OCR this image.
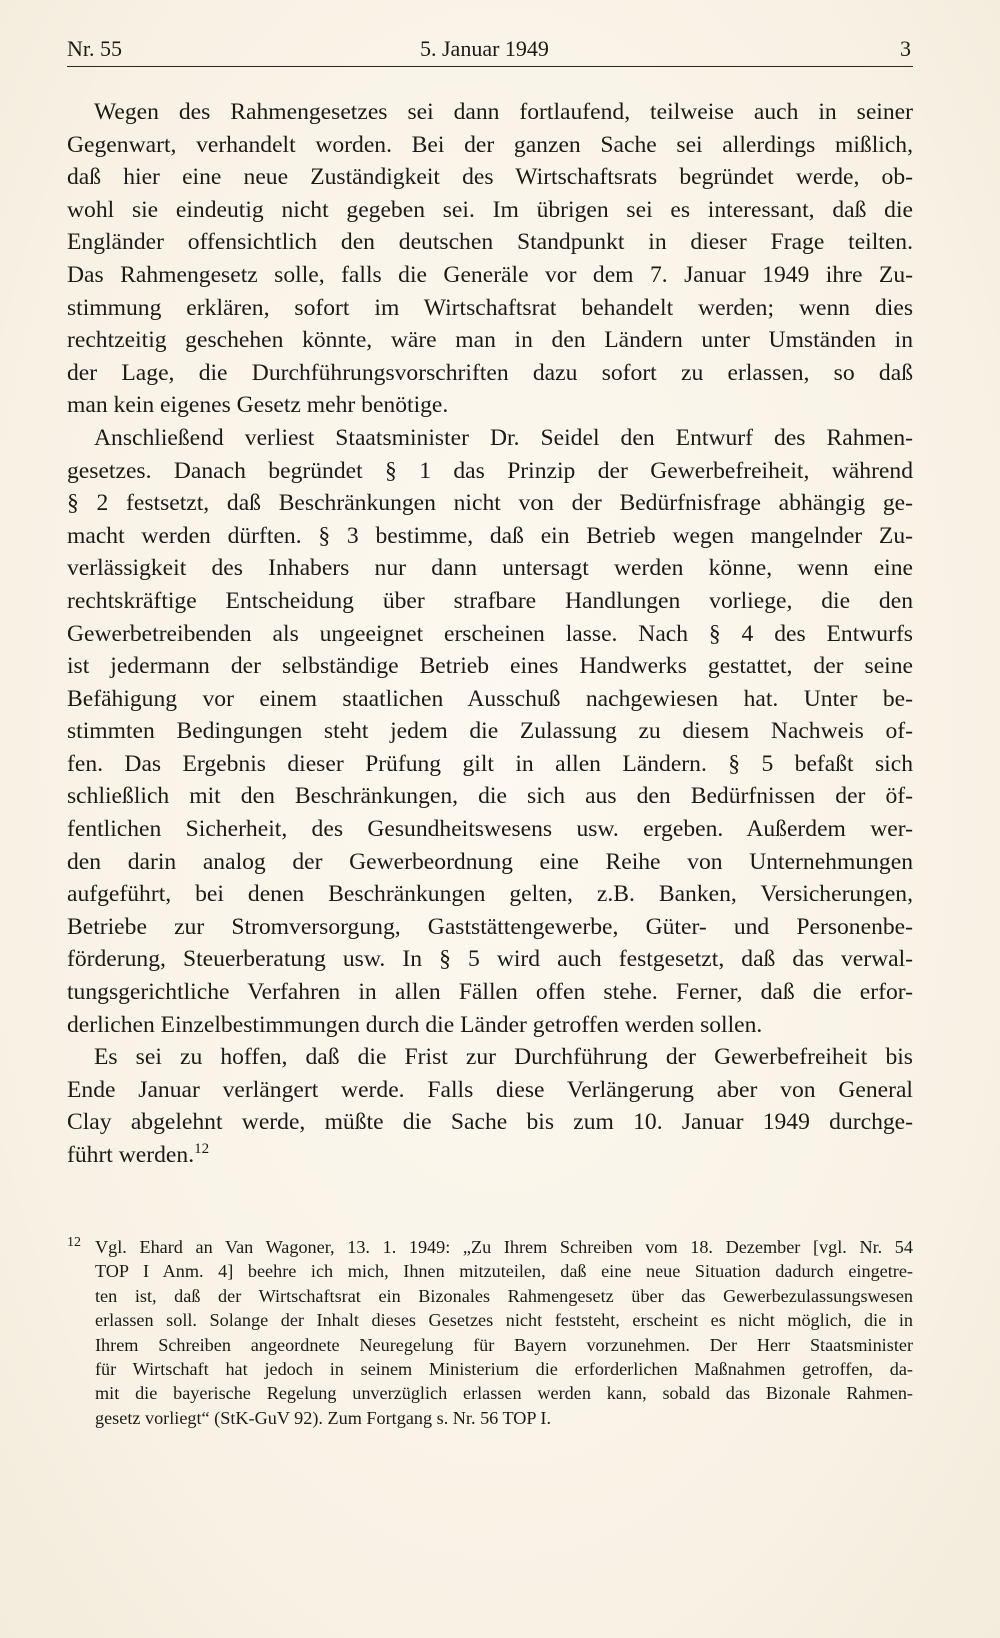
Nr. 55	5. Januar 1949	3
Wegen des Rahmengesetzes sei dann fortlaufend, teilweise auch in seiner
Gegenwart, verhandelt worden. Bei der ganzen Sache sei allerdings mißlich,
daß hier eine neue Zuständigkeit des Wirtschaftsrats begründet werde, ob-
wohl sie eindeutig nicht gegeben sei. Im übrigen sei es interessant, daß die
Engländer offensichtlich den deutschen Standpunkt in dieser Frage teilten.
Das Rahmengesetz solle, falls die Generäle vor dem 7. Januar 1949 ihre Zu-
stimmung erklären, sofort im Wirtschaftsrat behandelt werden; wenn dies
rechtzeitig geschehen könnte, wäre man in den Ländern unter Umständen in
der Lage, die Durchführungsvorschriften dazu sofort zu erlassen, so daß
man kein eigenes Gesetz mehr benötige.
Anschließend verliest Staatsminister Dr. Seidel den Entwurf des Rahmen-
gesetzes. Danach begründet § 1 das Prinzip der Gewerbefreiheit, während
§ 2 festsetzt, daß Beschränkungen nicht von der Bedürfnisfrage abhängig ge-
macht werden dürften. § 3 bestimme, daß ein Betrieb wegen mangelnder Zu-
verlässigkeit des Inhabers nur dann untersagt werden könne, wenn eine
rechtskräftige Entscheidung über strafbare Handlungen vorliege, die den
Gewerbetreibenden als ungeeignet erscheinen lasse. Nach § 4 des Entwurfs
ist jedermann der selbständige Betrieb eines Handwerks gestattet, der seine
Befähigung vor einem staatlichen Ausschuß nachgewiesen hat. Unter be-
stimmten Bedingungen steht jedem die Zulassung zu diesem Nachweis of-
fen. Das Ergebnis dieser Prüfung gilt in allen Ländern. § 5 befaßt sich
schließlich mit den Beschränkungen, die sich aus den Bedürfnissen der öf-
fentlichen Sicherheit, des Gesundheitswesens usw. ergeben. Außerdem wer-
den darin analog der Gewerbeordnung eine Reihe von Unternehmungen
aufgeführt, bei denen Beschränkungen gelten, z.B. Banken, Versicherungen,
Betriebe zur Stromversorgung, Gaststättengewerbe, Güter- und Personenbe-
förderung, Steuerberatung usw. In § 5 wird auch festgesetzt, daß das verwal-
tungsgerichtliche Verfahren in allen Fällen offen stehe. Ferner, daß die erfor-
derlichen Einzelbestimmungen durch die Länder getroffen werden sollen.
Es sei zu hoffen, daß die Frist zur Durchführung der Gewerbefreiheit bis
Ende Januar verlängert werde. Falls diese Verlängerung aber von General
Clay abgelehnt werde, müßte die Sache bis zum 10. Januar 1949 durchge-
führt werden.$^{12}$
12 Vgl. Ehard an Van Wagoner, 13. 1. 1949: „Zu Ihrem Schreiben vom 18. Dezember [vgl. Nr. 54
TOP I Anm. 4] beehre ich mich, Ihnen mitzuteilen, daß eine neue Situation dadurch eingetre-
ten ist, daß der Wirtschaftsrat ein Bizonales Rahmengesetz über das Gewerbezulassungswesen
erlassen soll. Solange der Inhalt dieses Gesetzes nicht feststeht, erscheint es nicht möglich, die in
Ihrem Schreiben angeordnete Neuregelung für Bayern vorzunehmen. Der Herr Staatsminister
für Wirtschaft hat jedoch in seinem Ministerium die erforderlichen Maßnahmen getroffen, da-
mit die bayerische Regelung unverzüglich erlassen werden kann, sobald das Bizonale Rahmen-
gesetz vorliegt“ (StK-GuV 92). Zum Fortgang s. Nr. 56 TOP I.
